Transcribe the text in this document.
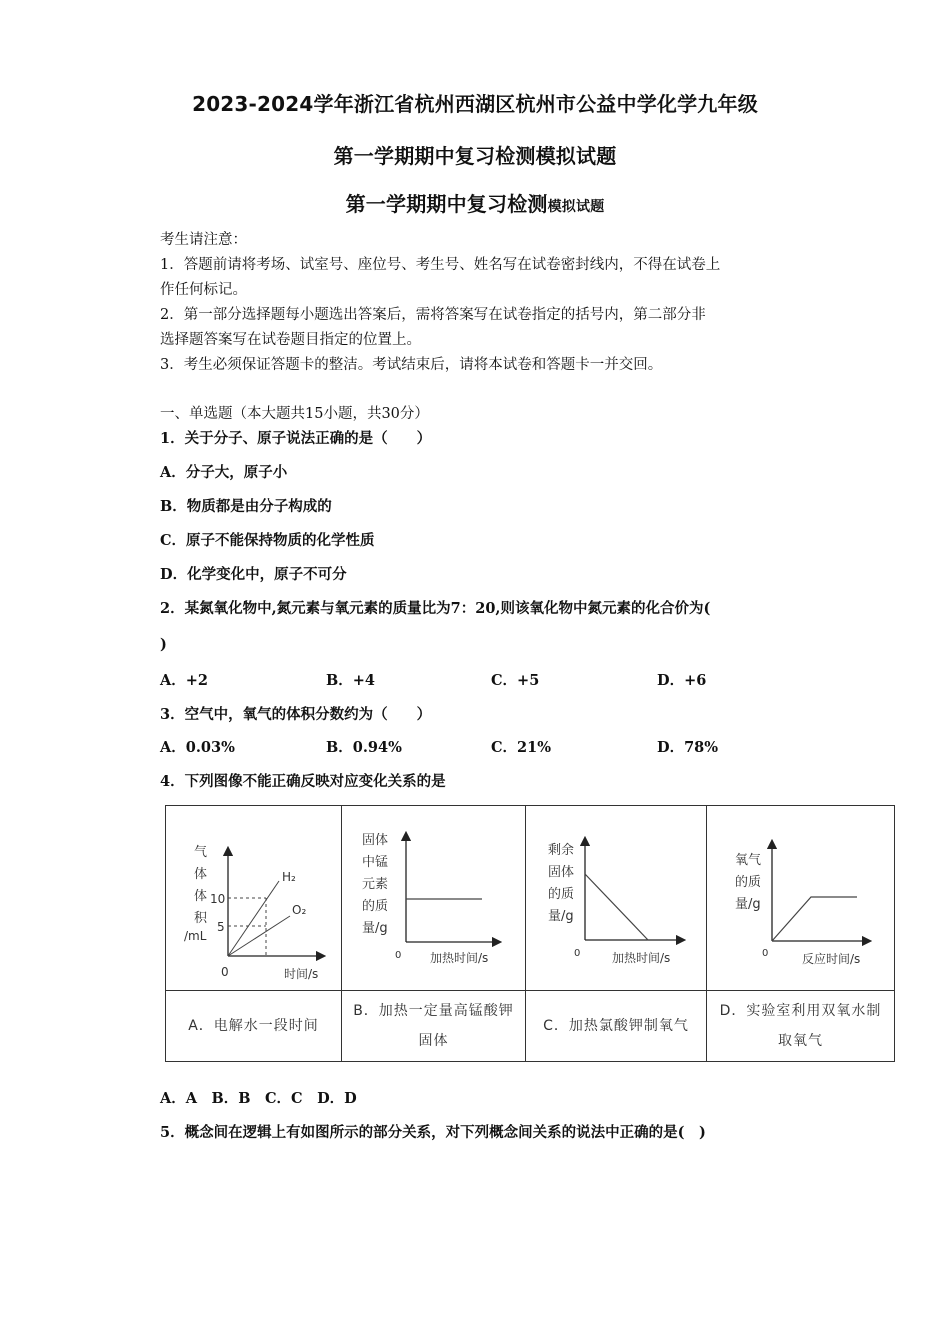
2023-2024学年浙江省杭州西湖区杭州市公益中学化学九年级
第一学期期中复习检测模拟试题
第一学期期中复习检测模拟试题
考生请注意：
1．答题前请将考场、试室号、座位号、考生号、姓名写在试卷密封线内，不得在试卷上
作任何标记。
2．第一部分选择题每小题选出答案后，需将答案写在试卷指定的括号内，第二部分非
选择题答案写在试卷题目指定的位置上。
3．考生必须保证答题卡的整洁。考试结束后，请将本试卷和答题卡一并交回。
一、单选题（本大题共15小题，共30分）
1．关于分子、原子说法正确的是（　　）
A．分子大，原子小
B．物质都是由分子构成的
C．原子不能保持物质的化学性质
D．化学变化中，原子不可分
2．某氮氧化物中,氮元素与氧元素的质量比为7：20,则该氧化物中氮元素的化合价为(
)
A．+2	B．+4	C．+5	D．+6
3．空气中，氧气的体积分数约为（　　）
A．0.03%	B．0.94%	C．21%	D．78%
4．下列图像不能正确反映对应变化关系的是
气
体
体
积
/mL
10
5
H₂
O₂
0	时间/s

固体
中锰
元素
的质
量/g
0 加热时间/s

剩余
固体
的质
量/g
0	加热时间/s

氧气
的质
量/g
0	反应时间/s

A．电解水一段时间	
B．加热一定量高锰酸钾
固体
	C．加热氯酸钾制氧气	
D．实验室利用双氧水制
取氧气
A．A　B．B　C．C　D．D
5．概念间在逻辑上有如图所示的部分关系，对下列概念间关系的说法中正确的是(　)
